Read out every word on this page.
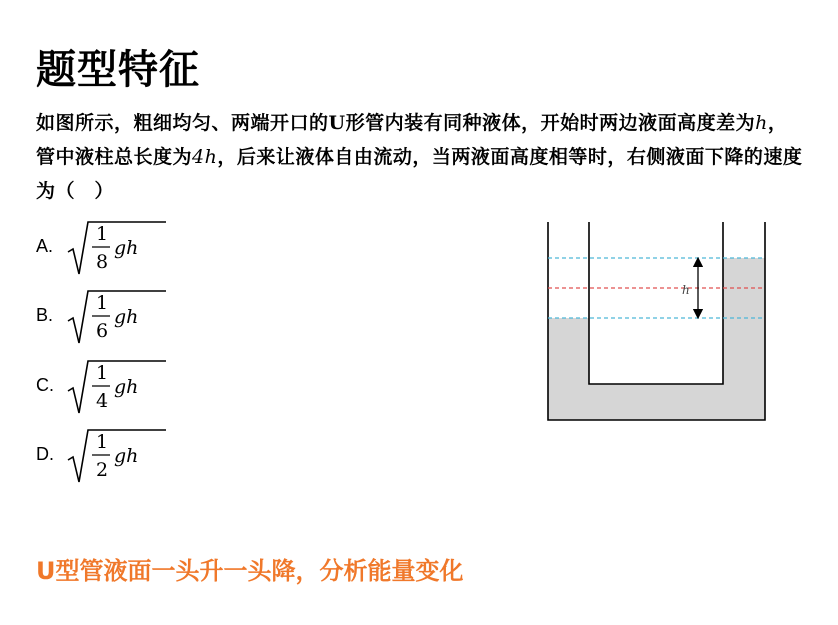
题型特征
如图所示，粗细均匀、两端开口的U形管内装有同种液体，开始时两边液面高度差为h，管中液柱总长度为4h，后来让液体自由流动，当两液面高度相等时，右侧液面下降的速度为（　）
A.
1
8
gh
B.
1
6
gh
C.
1
4
gh
D.
1
2
gh
h
U型管液面一头升一头降，分析能量变化
